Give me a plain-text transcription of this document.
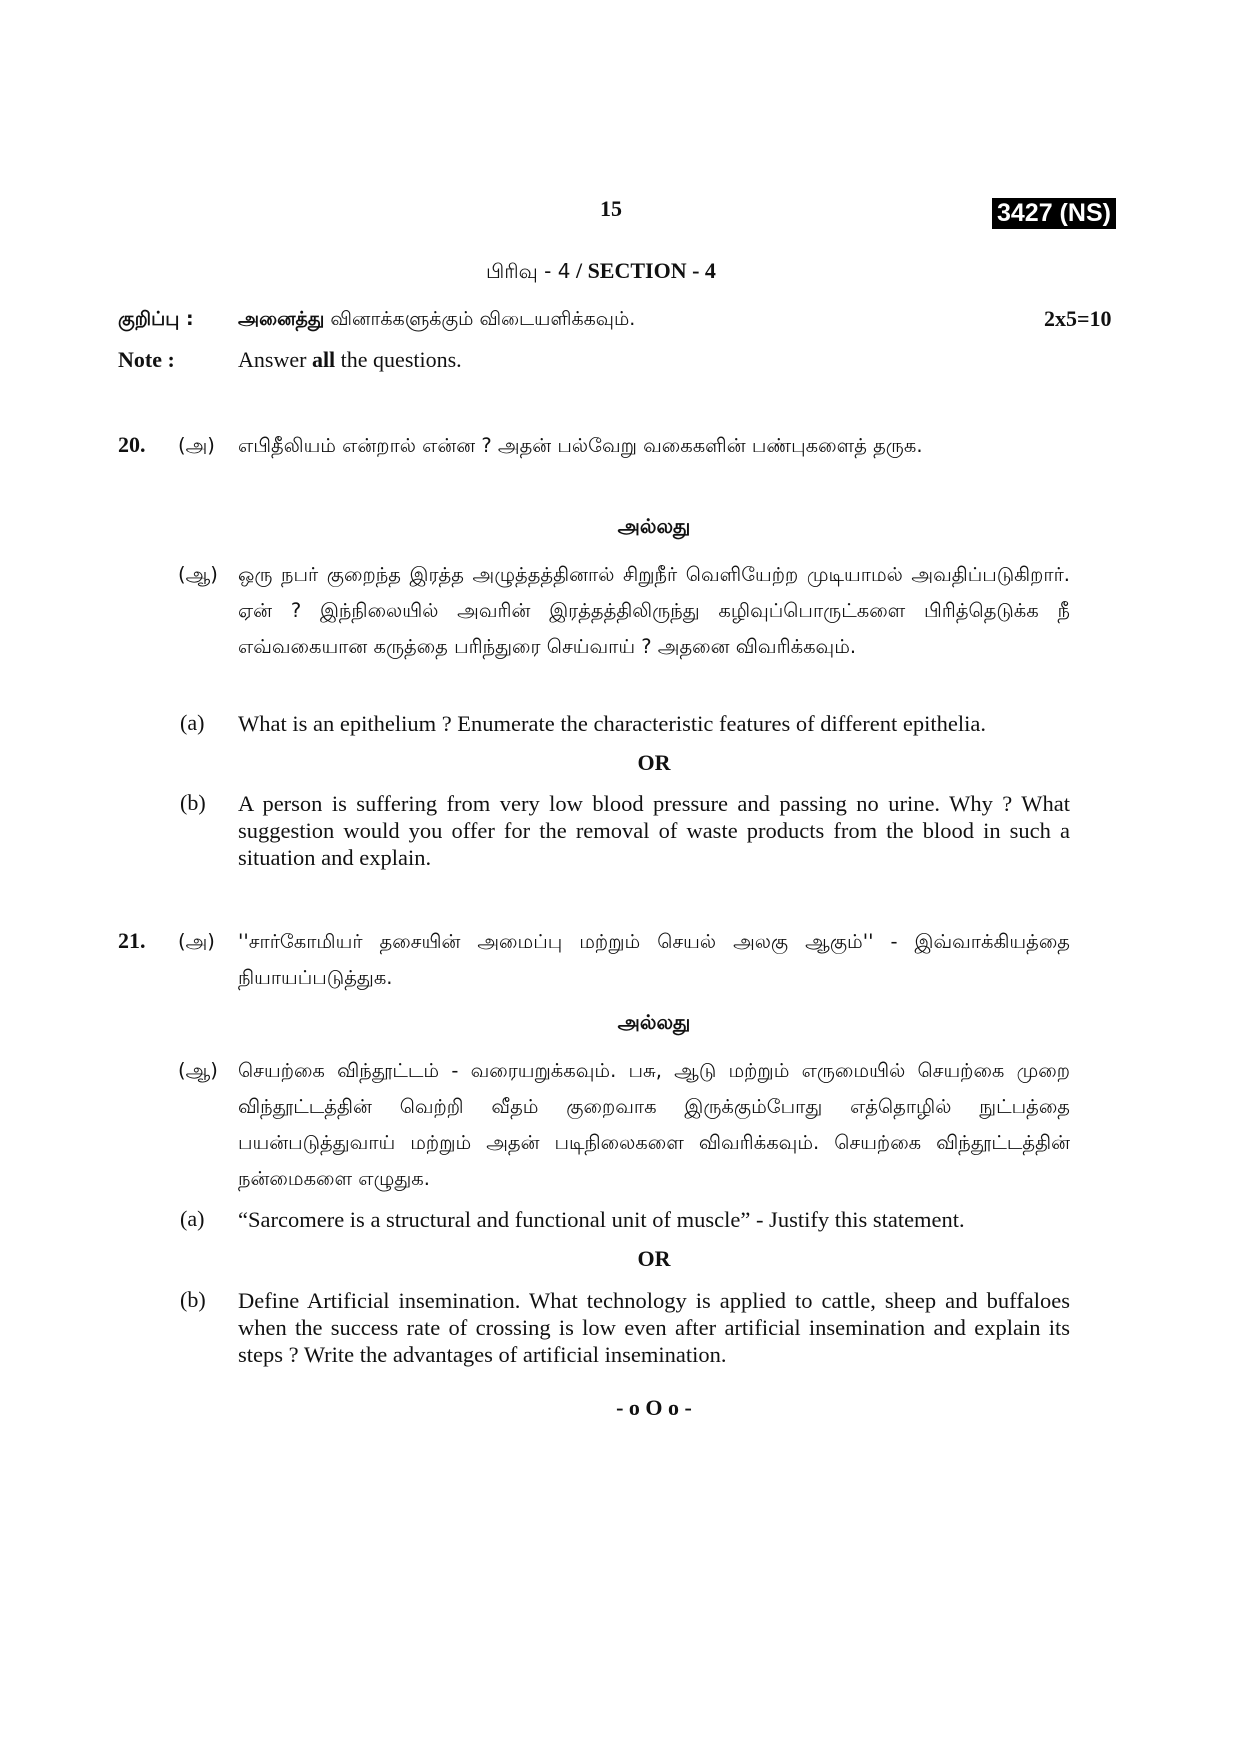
15	3427 (NS)
பிரிவு - 4 / SECTION - 4
குறிப்பு : அனைத்து வினாக்களுக்கும் விடையளிக்கவும்.	2x5=10
Note :	Answer all the questions.
20. (அ) எபிதீலியம் என்றால் என்ன ? அதன் பல்வேறு வகைகளின் பண்புகளைத் தருக.
அல்லது
(ஆ) ஒரு நபர் குறைந்த இரத்த அழுத்தத்தினால் சிறுநீர் வெளியேற்ற முடியாமல் அவதிப்படுகிறார். ஏன் ? இந்நிலையில் அவரின் இரத்தத்திலிருந்து கழிவுப்பொருட்களை பிரித்தெடுக்க நீ எவ்வகையான கருத்தை பரிந்துரை செய்வாய் ? அதனை விவரிக்கவும்.
(a) What is an epithelium ? Enumerate the characteristic features of different epithelia.
OR
(b) A person is suffering from very low blood pressure and passing no urine. Why ? What suggestion would you offer for the removal of waste products from the blood in such a situation and explain.
21. (அ) ''சார்கோமியர் தசையின் அமைப்பு மற்றும் செயல் அலகு ஆகும்'' - இவ்வாக்கியத்தை நியாயப்படுத்துக.
அல்லது
(ஆ) செயற்கை விந்தூட்டம் - வரையறுக்கவும். பசு, ஆடு மற்றும் எருமையில் செயற்கை முறை விந்தூட்டத்தின் வெற்றி வீதம் குறைவாக இருக்கும்போது எத்தொழில் நுட்பத்தை பயன்படுத்துவாய் மற்றும் அதன் படிநிலைகளை விவரிக்கவும். செயற்கை விந்தூட்டத்தின் நன்மைகளை எழுதுக.
(a) “Sarcomere is a structural and functional unit of muscle” - Justify this statement.
OR
(b) Define Artificial insemination. What technology is applied to cattle, sheep and buffaloes when the success rate of crossing is low even after artificial insemination and explain its steps ? Write the advantages of artificial insemination.
- o O o -
